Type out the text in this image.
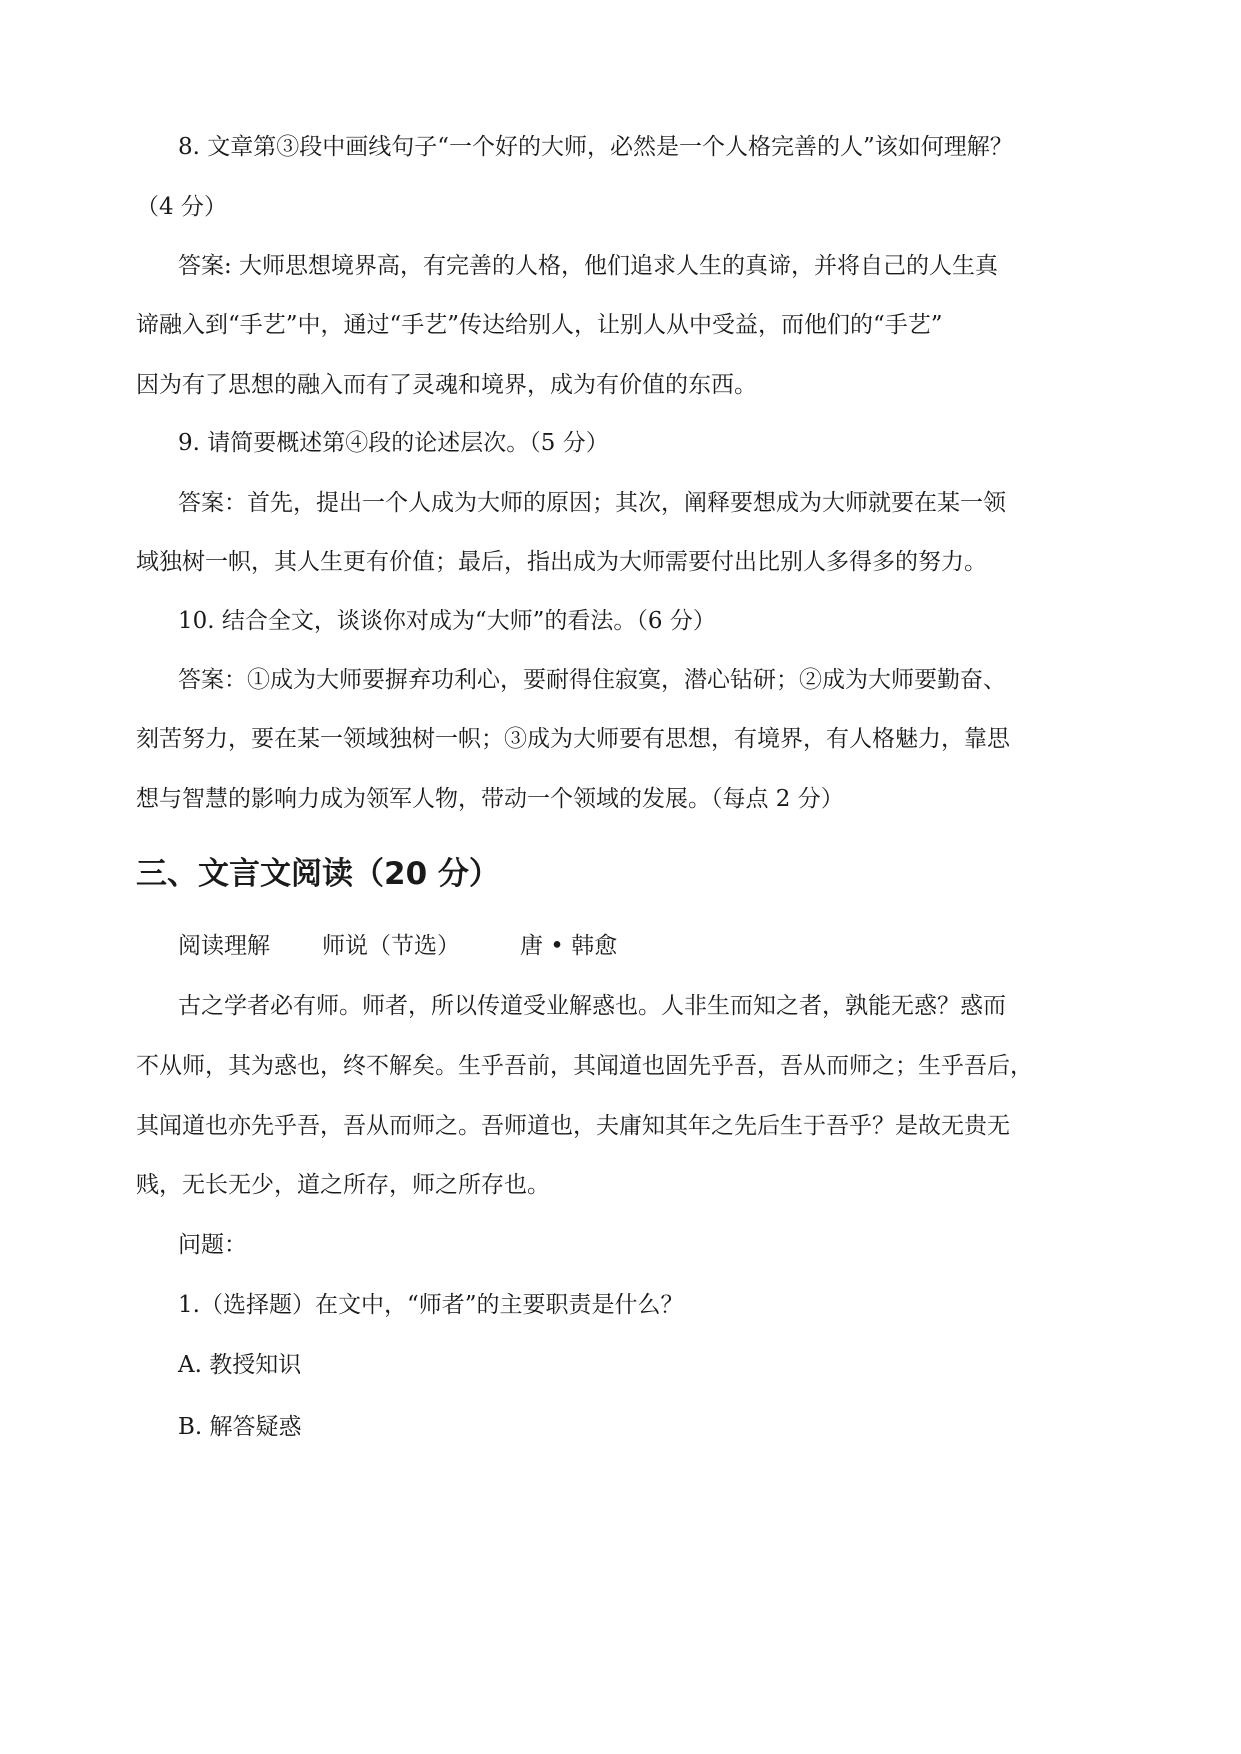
8. 文章第③段中画线句子“一个好的大师，必然是一个人格完善的人”该如何理解？
（4 分）
答案: 大师思想境界高，有完善的人格，他们追求人生的真谛，并将自己的人生真
谛融入到“手艺”中，通过“手艺”传达给别人，让别人从中受益，而他们的“手艺”
因为有了思想的融入而有了灵魂和境界，成为有价值的东西。
9. 请简要概述第④段的论述层次。（5 分）
答案：首先，提出一个人成为大师的原因；其次，阐释要想成为大师就要在某一领
域独树一帜，其人生更有价值；最后，指出成为大师需要付出比别人多得多的努力。
10. 结合全文，谈谈你对成为“大师”的看法。（6 分）
答案：①成为大师要摒弃功利心，要耐得住寂寞，潜心钻研；②成为大师要勤奋、
刻苦努力，要在某一领域独树一帜；③成为大师要有思想，有境界，有人格魅力，靠思
想与智慧的影响力成为领军人物，带动一个领域的发展。（每点 2 分）
三、文言文阅读（20 分）
阅读理解 师说（节选）	唐 • 韩愈
古之学者必有师。师者，所以传道受业解惑也。人非生而知之者，孰能无惑？惑而
不从师，其为惑也，终不解矣。生乎吾前，其闻道也固先乎吾，吾从而师之；生乎吾后，
其闻道也亦先乎吾，吾从而师之。吾师道也，夫庸知其年之先后生于吾乎？是故无贵无
贱，无长无少，道之所存，师之所存也。
问题：
1.（选择题）在文中，“师者”的主要职责是什么？
A. 教授知识
B. 解答疑惑
